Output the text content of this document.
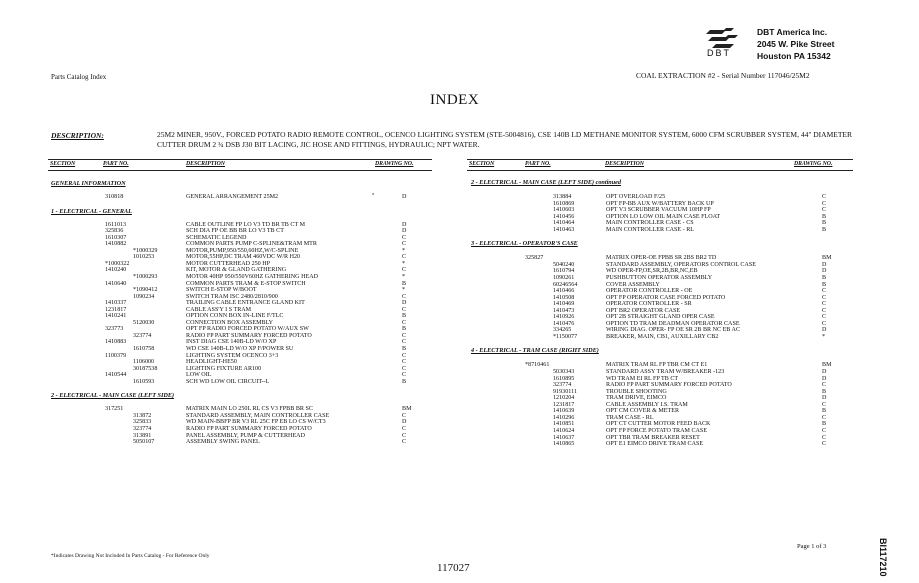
DBT
DBT America Inc.
2045 W. Pike Street
Houston PA 15342
Parts Catalog Index	COAL EXTRACTION #2 - Serial Number 117046/25M2
INDEX
DESCRIPTION:	25M2 MINER, 950V., FORCED POTATO RADIO REMOTE CONTROL, OCENCO LIGHTING SYSTEM (STE-5004816), CSE 140B LD METHANE MONITOR SYSTEM, 6000 CFM SCRUBBER SYSTEM, 44" DIAMETER CUTTER DRUM 2 ¾ DSB J30 BIT LACING, JIC HOSE AND FITTINGS, HYDRAULIC; NPT WATER.
SECTION	PART NO.	DESCRIPTION	DRAWING NO.	SECTION	PART NO.	DESCRIPTION	DRAWING NO.
GENERAL INFORMATION
310818	GENERAL ARRANGEMENT 25M2	D
1 - ELECTRICAL - GENERAL
1611013	CABLE OUTLINE FP LO V3 TD BR TB CT M	D
325836	SCH DIA FP OE BB BR LO V3 TB CT	D
1610307	SCHEMATIC LEGEND	C
1410882	COMMON PARTS PUMP C-SPLINE&TRAM MTR	C
*1000329	MOTOR,PUMP,950/550,60HZ,W/C-SPLINE	*
1010253	MOTOR,55HP,DC TRAM 460VDC W/R H20	C
*1000322	MOTOR CUTTERHEAD 250 HP	*
1410240	KIT, MOTOR & GLAND GATHERING	C
*1000293	MOTOR 40HP 950/550V60HZ GATHERING HEAD	*
1410640	COMMON PARTS TRAM & E-STOP SWITCH	B
*1090412	SWITCH E-STOP W/BOOT	*
1090234	SWITCH TRAM ISC 2480/2810/900	C
1410337	TRAILING CABLE ENTRANCE GLAND KIT	D
1231817	CABLE ASS'Y I S TRAM	C
1410241	OPTION CONN BOX IN-LINE F/TLC	B
5120030	CONNECTION BOX ASSEMBLY	C
323773	OPT FP RADIO FORCED POTATO W/AUX SW	B
323774	RADIO FP PART SUMMARY FORCED POTATO	C
1410883	INST DIAG CSE 140B-LD W/O XP	C
1610758	WD CSE 140B-LD W/O XP F/POWER SU	B
1100379	LIGHTING SYSTEM OCENCO 3+3	C
1106000	HEADLIGHT-HE50	C
30187538	LIGHTING FIXTURE AR100	C
1410544	LOW OIL	C
1610593	SCH WD LOW OIL CIRCUIT--L	B
2 - ELECTRICAL - MAIN CASE (LEFT SIDE)
317251	MATRIX MAIN LO 250L RL CS V3 FPBB BR SC	BM
313872	STANDARD ASSEMBLY, MAIN CONTROLLER CASE	C
325833	WD MAIN-BBFP BR V3 RL 25C FP EB LO CS W/CT3	D
323774	RADIO FP PART SUMMARY FORCED POTATO	C
313891	PANEL ASSEMBLY, PUMP & CUTTERHEAD	C
5050107	ASSEMBLY SWING PANEL	C
2 - ELECTRICAL - MAIN CASE (LEFT SIDE) continued
313884	OPT OVERLOAD F/25	C
1610869	OPT FP-BB AUX W/BATTERY BACK UP	C
1410603	OPT V3 SCRUBBER VACUUM 10HP FP	C
1410456	OPTION LO LOW OIL MAIN CASE FLOAT	B
1410464	MAIN CONTROLLER CASE - CS	B
1410463	MAIN CONTROLLER CASE - RL	B
3 - ELECTRICAL - OPERATOR'S CASE
325827	MATRIX OPER-OE FPBB SR 2BS BR2 TD	BM
5040240	STANDARD ASSEMBLY, OPERATORS CONTROL CASE	D
1610794	WD OPER-FP,OE,SR,2B,BR,NC,EB	D
1090261	PUSHBUTTON OPERATOR ASSEMBLY	B
60246564	COVER ASSEMBLY	B
1410466	OPERATOR CONTROLLER - OE	C
1410508	OPT FP OPERATOR CASE FORCED POTATO	C
1410469	OPERATOR CONTROLLER - SR	C
1410473	OPT BR2 OPERATOR CASE	C
1410926	OPT 2B STRAIGHT GLAND OPER CASE	C
1410476	OPTION TD TRAM DEADMAN OPERATOR CASE	C
334265	WIRING DIAG. OPER- FP OE SR 2B BR NC EB AC	D
*1150077	BREAKER, MAIN, CB1, AUXILLARY CB2	*
4 - ELECTRICAL - TRAM CASE (RIGHT SIDE)
*8710461	MATRIX TRAM RL FP TBR CM CT E1	BM
5030343	STANDARD ASSY TRAM W/BREAKER -123	D
1610895	WD TRAM EI RL FP TB CT	D
323774	RADIO FP PART SUMMARY FORCED POTATO	C
91930111	TROUBLE SHOOTING	B
1210204	TRAM DRIVE, EIMCO	D
1231817	CABLE ASSEMBLY I.S. TRAM	C
1410639	OPT CM COVER & METER	B
1410296	TRAM CASE - RL	C
1410851	OPT CT CUTTER MOTOR FEED BACK	B
1410624	OPT FP FORCE POTATO TRAM CASE	C
1410637	OPT TBR TRAM BREAKER RESET	C
1410865	OPT E1 EIMCO DRIVE TRAM CASE	C
°
*Indicates Drawing Not Included In Parts Catalog - For Reference Only
117027
Page 1 of 3	BI117210
